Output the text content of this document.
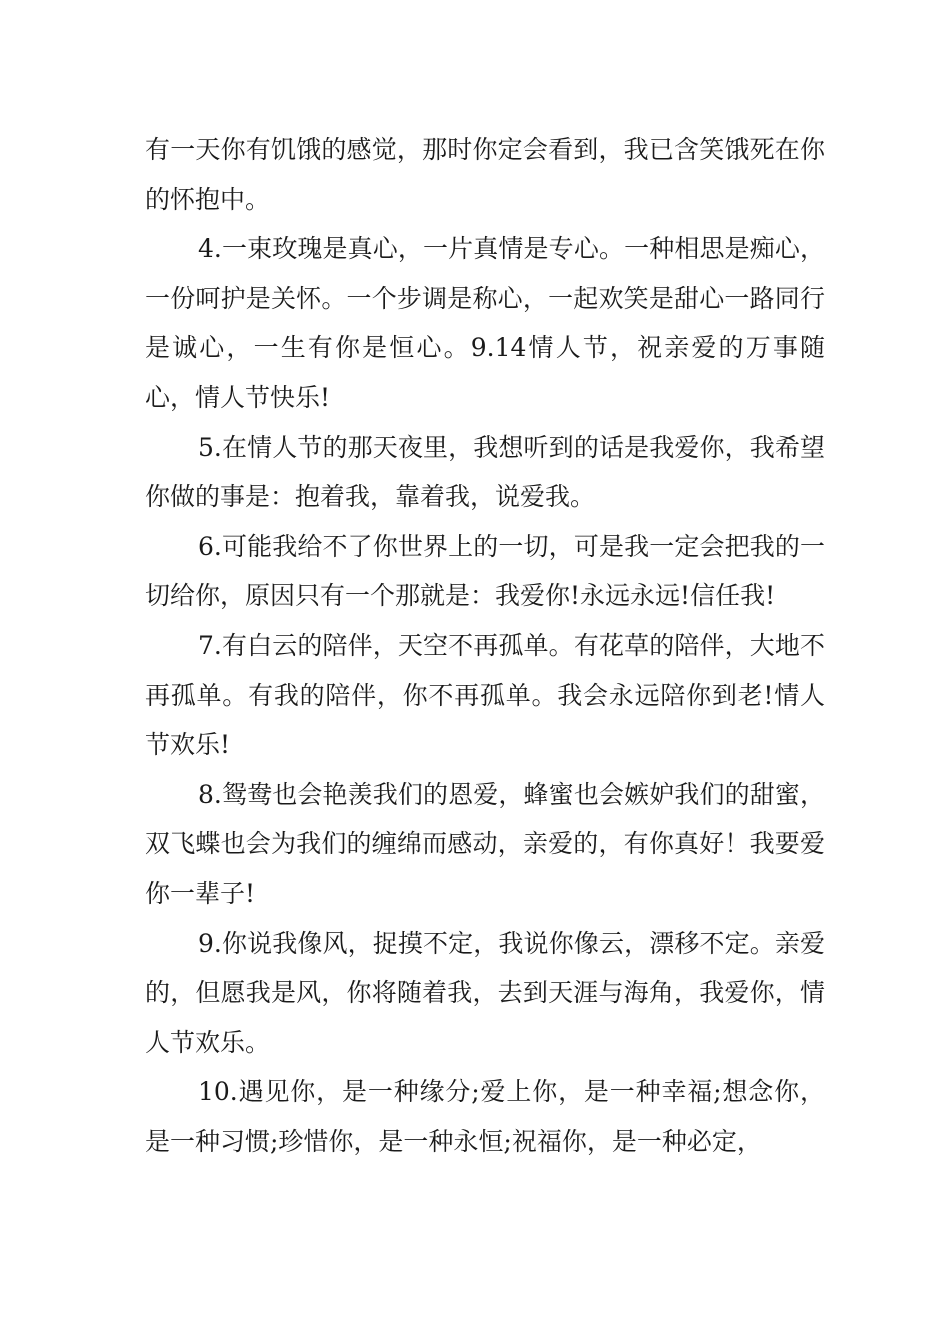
有一天你有饥饿的感觉，那时你定会看到，我已含笑饿死在你的怀抱中。

4.一束玫瑰是真心，一片真情是专心。一种相思是痴心，一份呵护是关怀。一个步调是称心，一起欢笑是甜心一路同行是诚心，一生有你是恒心。9.14情人节，祝亲爱的万事随心，情人节快乐!

5.在情人节的那天夜里，我想听到的话是我爱你，我希望你做的事是：抱着我，靠着我，说爱我。

6.可能我给不了你世界上的一切，可是我一定会把我的一切给你，原因只有一个那就是：我爱你!永远永远!信任我!

7.有白云的陪伴，天空不再孤单。有花草的陪伴，大地不再孤单。有我的陪伴，你不再孤单。我会永远陪你到老!情人节欢乐!

8.鸳鸯也会艳羡我们的恩爱，蜂蜜也会嫉妒我们的甜蜜，双飞蝶也会为我们的缠绵而感动，亲爱的，有你真好！我要爱你一辈子!

9.你说我像风，捉摸不定，我说你像云，漂移不定。亲爱的，但愿我是风，你将随着我，去到天涯与海角，我爱你，情人节欢乐。

10.遇见你，是一种缘分;爱上你，是一种幸福;想念你，是一种习惯;珍惜你，是一种永恒;祝福你，是一种必定，
